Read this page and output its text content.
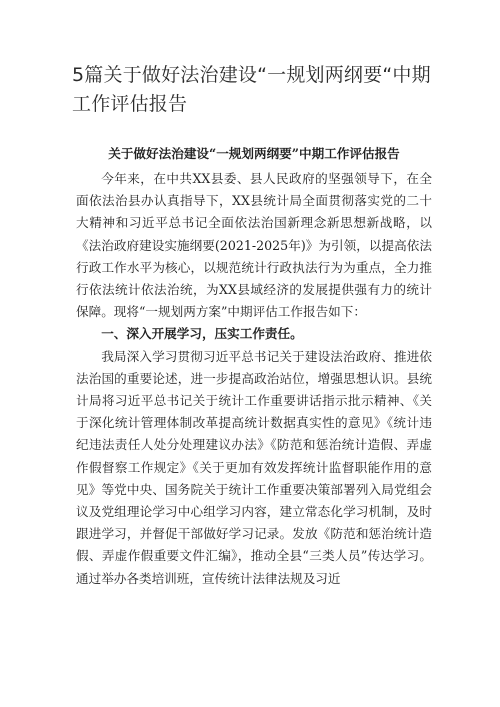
5篇关于做好法治建设“一规划两纲要“中期工作评估报告

关于做好法治建设“一规划两纲要”中期工作评估报告

今年来，在中共XX县委、县人民政府的坚强领导下，在全面依法治县办认真指导下，XX县统计局全面贯彻落实党的二十大精神和习近平总书记全面依法治国新理念新思想新战略，以《法治政府建设实施纲要(2021-2025年)》为引领，以提高依法行政工作水平为核心，以规范统计行政执法行为为重点，全力推行依法统计依法治统，为XX县域经济的发展提供强有力的统计保障。现将“一规划两方案”中期评估工作报告如下：

一、深入开展学习，压实工作责任。

我局深入学习贯彻习近平总书记关于建设法治政府、推进依法治国的重要论述，进一步提高政治站位，增强思想认识。县统计局将习近平总书记关于统计工作重要讲话指示批示精神、《关于深化统计管理体制改革提高统计数据真实性的意见》《统计违纪违法责任人处分处理建议办法》《防范和惩治统计造假、弄虚作假督察工作规定》《关于更加有效发挥统计监督职能作用的意见》等党中央、国务院关于统计工作重要决策部署列入局党组会议及党组理论学习中心组学习内容，建立常态化学习机制，及时跟进学习，并督促干部做好学习记录。发放《防范和惩治统计造假、弄虚作假重要文件汇编》，推动全县“三类人员”传达学习。通过举办各类培训班，宣传统计法律法规及习近
